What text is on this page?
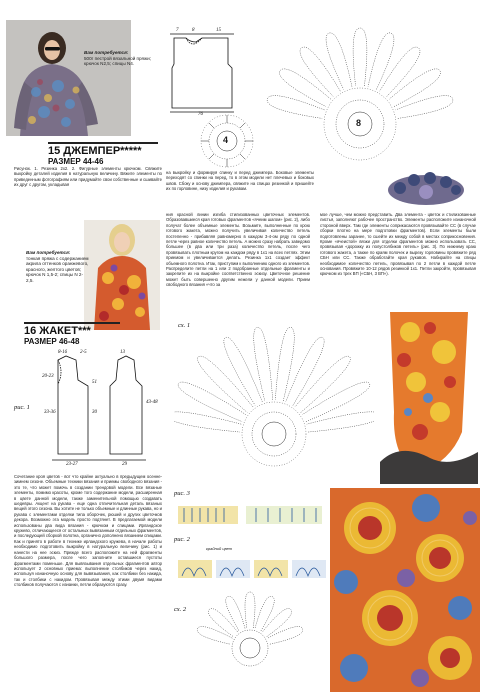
Вам потребуется:
500г пестрой вязальной пряжи; крючок N2,5; спицы N4.
15 ДЖЕМПЕР*****
РАЗМЕР 44-46
Рисунок. 1. Резинка 2х2. 2. Фигурные элементы крючком. Свяжите выкройку деталей изделия в натуральную величину. Вяжите элементы по приведенным фотографиям или придумайте свои собственные и сшивайте их друг с другом, укладывая
7	8	15
76
4
8
на выкройку и формируя спинку и перед джемпера. Боковые элементы переходят со спинки на перед, то в этом модели нет плечевых и боковых швов. Сбоку и основу джемпера, свяжите на спицах резинкой и пришейте их по горловине, низу изделия и рукавам.
Вам потребуется:
тонкая пряжа с содержанием акрила оттенков оранжевого, красного, желтого цветов; крючок N 1,5-2; спицы N 2-2,5.
16 ЖАКЕТ***
РАЗМЕР 46-48
ния красной линии изгиба стилизованных цветочных элементов. Образовавшиеся края готовых фрагментов «ячеим шагом» (рис. 2), либо получат более объемные элементы. Возьмите, выполненные по крою готового жакета, можно получить увеличивая количество петель постепенно - прибавляя равномерно в каждом 3-4-ом ряду по одной петле через равное количество петель. А можно сразу набрать заведомо большее (в два или три раза) количество петель, после чего провязывать плотным кругом на каждом ряду в 1х1 на всех петлях. Этим приемом и увеличивается делать. Резинка 1х1 создает эффект объемного полотна. Итак, приступим к выполнению одного из элементов. Распределите петли на 1 или 2 подобранные отдельные фрагменты и закрепите их на выкройке соответственно эскизу. Цветочное решение может быть совершенно другим нежели у данной модели. Прием свободного вязания «что за
мое лучше, чем можно представить. Два элемента - цветок и стилизованные листья, заполняют рабочее пространство. Элементы расположите изнаночной стороной вверх. Там где элементы соприкасаются провязывайте СС (в случае сборки плотно на мере подготовки фрагментов). Если элементы были подготовлены заранее, то сшейте их между собой в местах соприкосновения. Кроме «ячеистой» вязки для отделки фрагментов можно использовать СС, провязывая «дорожку из полустолбиков петель» (рис. 3). По нижнему краю готового жакета, а также по краям полочек и вырезу горловины провяжите ряд СБН или СС. Также обработайте края рукавов. Набирайте на спицы необходимое количество петель, провязывая по 2 петли в каждой петле основания. Провяжите 10-12 рядов резинкой 1х1. Петли закройте, провязывая крючком из трех ВП («СБН, 3 ВП»).
8-16	2-5
20-23
51
33-36	30
23-27
43-48
13
29
рис. 1
Сочетание кроя цветов - вот что крайне актуально в предыдущем осенне-зимнем сезоне. Объемные техники вязания и приемы свободного вязания - это те, что может помочь в создании трендовой модели. Все вязаные элементы, помимо красоты, кроме того содержание модели, расширенная в цвете данной модели, также заменительной помощью создавать шедевры. Акцент на рукава - еще одна отличительная деталь вязаных вещей этого сезона. Вы хотите не только объемные и длинные рукава, но и рукава с элементами отделки типа оборочек, рюшей и других цветочков декора. Возможно эта модель просто подтянет. В предлагаемой модели использованы два вида вязания - крючком и спицами. Ирландское кружево, отличающееся от остальных вывязанным отдельных фрагментов, и последующей сборкой полотна, органично дополнено вязанием спицами. Как и принято в работе в технике ирландского кружева, в начале работы необходимо подготовить выкройку в натуральную величину (рис. 1) и нанести на нее эскиз. Прежде всего расположите на ней фрагменты большого размера, после чего заполните оставшиеся пустоты фрагментами поменьше. Для вывязывания отдельных фрагментов автор использует 2 основных приема: выполнение столбиков через накид, используя изнаночную основу для вывязывания, как столбики без накида, так и столбики с накидом. Провязывая между этими двумя видами столбиков получаются с изнанки, петли образуются сразу.
сх. 1
рис. 3
рис. 2
крайний цвет
сх. 2
